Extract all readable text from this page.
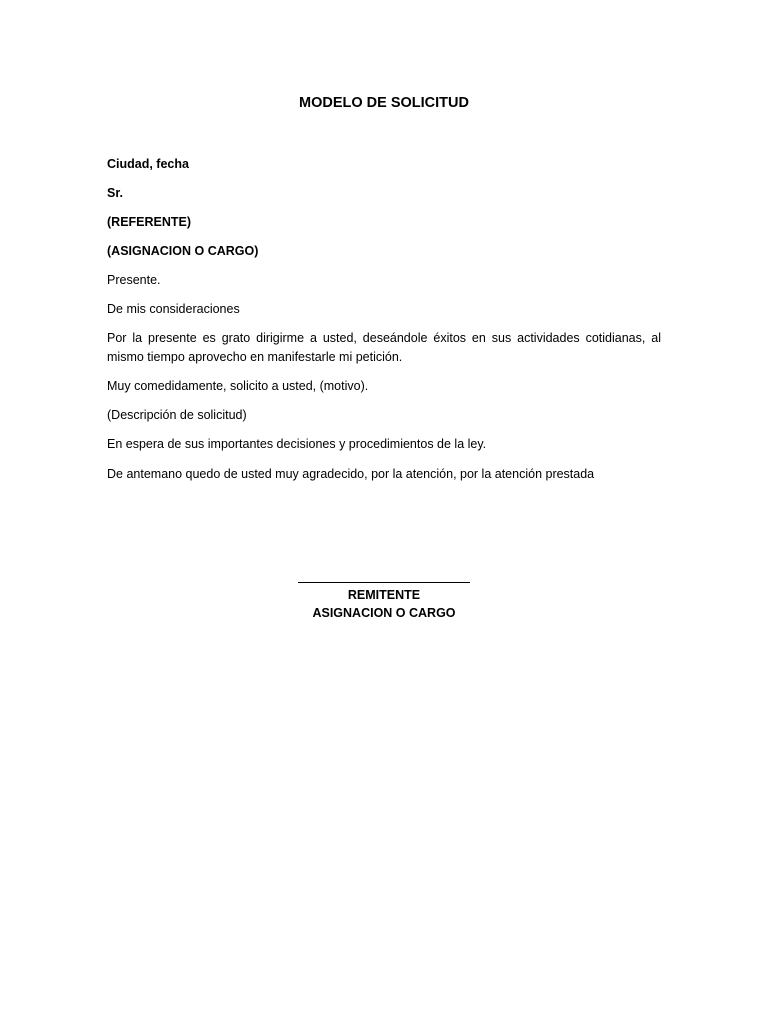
MODELO DE SOLICITUD
Ciudad, fecha
Sr.
(REFERENTE)
(ASIGNACION O CARGO)
Presente.
De mis consideraciones
Por la presente es grato dirigirme a usted, deseándole éxitos en sus actividades cotidianas, al mismo tiempo aprovecho en manifestarle mi petición.
Muy comedidamente, solicito a usted, (motivo).
(Descripción de solicitud)
En espera de sus importantes decisiones y procedimientos de la ley.
De antemano quedo de usted muy agradecido, por la atención, por la atención prestada
REMITENTE
ASIGNACION O CARGO
